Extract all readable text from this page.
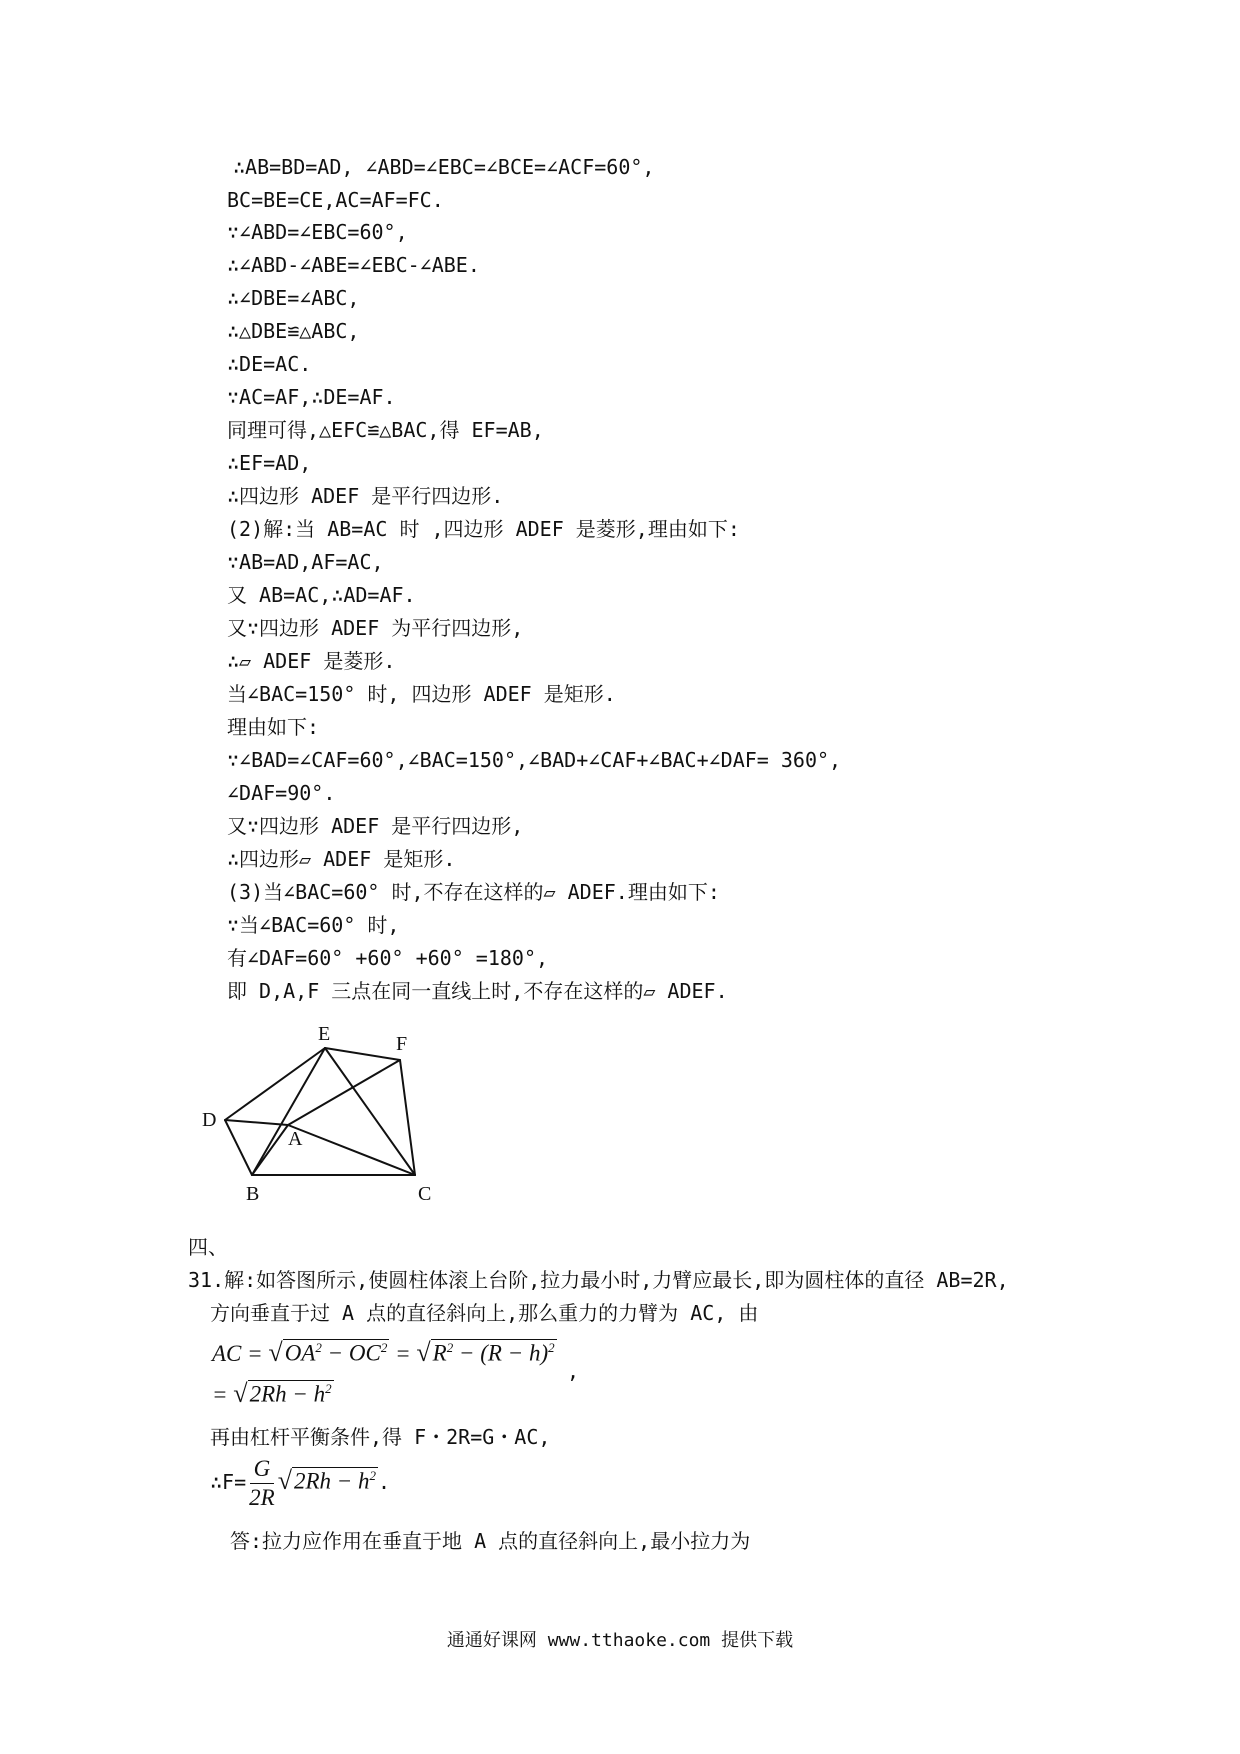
∴AB=BD=AD, ∠ABD=∠EBC=∠BCE=∠ACF=60°,
BC=BE=CE,AC=AF=FC.
∵∠ABD=∠EBC=60°,
∴∠ABD-∠ABE=∠EBC-∠ABE.
∴∠DBE=∠ABC,
∴△DBE≌△ABC,
∴DE=AC.
∵AC=AF,∴DE=AF.
同理可得,△EFC≌△BAC,得 EF=AB,
∴EF=AD,
∴四边形 ADEF 是平行四边形.
(2)解:当 AB=AC 时 ,四边形 ADEF 是菱形,理由如下:
∵AB=AD,AF=AC,
又 AB=AC,∴AD=AF.
又∵四边形 ADEF 为平行四边形,
∴▱ ADEF 是菱形.
当∠BAC=150° 时, 四边形 ADEF 是矩形.
理由如下:
∵∠BAD=∠CAF=60°,∠BAC=150°,∠BAD+∠CAF+∠BAC+∠DAF= 360°,
∠DAF=90°.
又∵四边形 ADEF 是平行四边形,
∴四边形▱ ADEF 是矩形.
(3)当∠BAC=60° 时,不存在这样的▱ ADEF.理由如下:
∵当∠BAC=60° 时,
有∠DAF=60° +60° +60° =180°,
即 D,A,F 三点在同一直线上时,不存在这样的▱ ADEF.
E	F
D
A
B	C
四、
31.解:如答图所示,使圆柱体滚上台阶,拉力最小时,力臂应最长,即为圆柱体的直径 AB=2R,
方向垂直于过 A 点的直径斜向上,那么重力的力臂为 AC, 由
AC = $√OA^2 - OC^2 = √R^2 - (R - h)^2$
,
= $√2Rh - h^2$
再由杠杆平衡条件,得 F・2R=G・AC,
∴F= $\frac{G}{2R} √2Rh - h^2$ .
答:拉力应作用在垂直于地 A 点的直径斜向上,最小拉力为
通通好课网 www.tthaoke.com 提供下载
